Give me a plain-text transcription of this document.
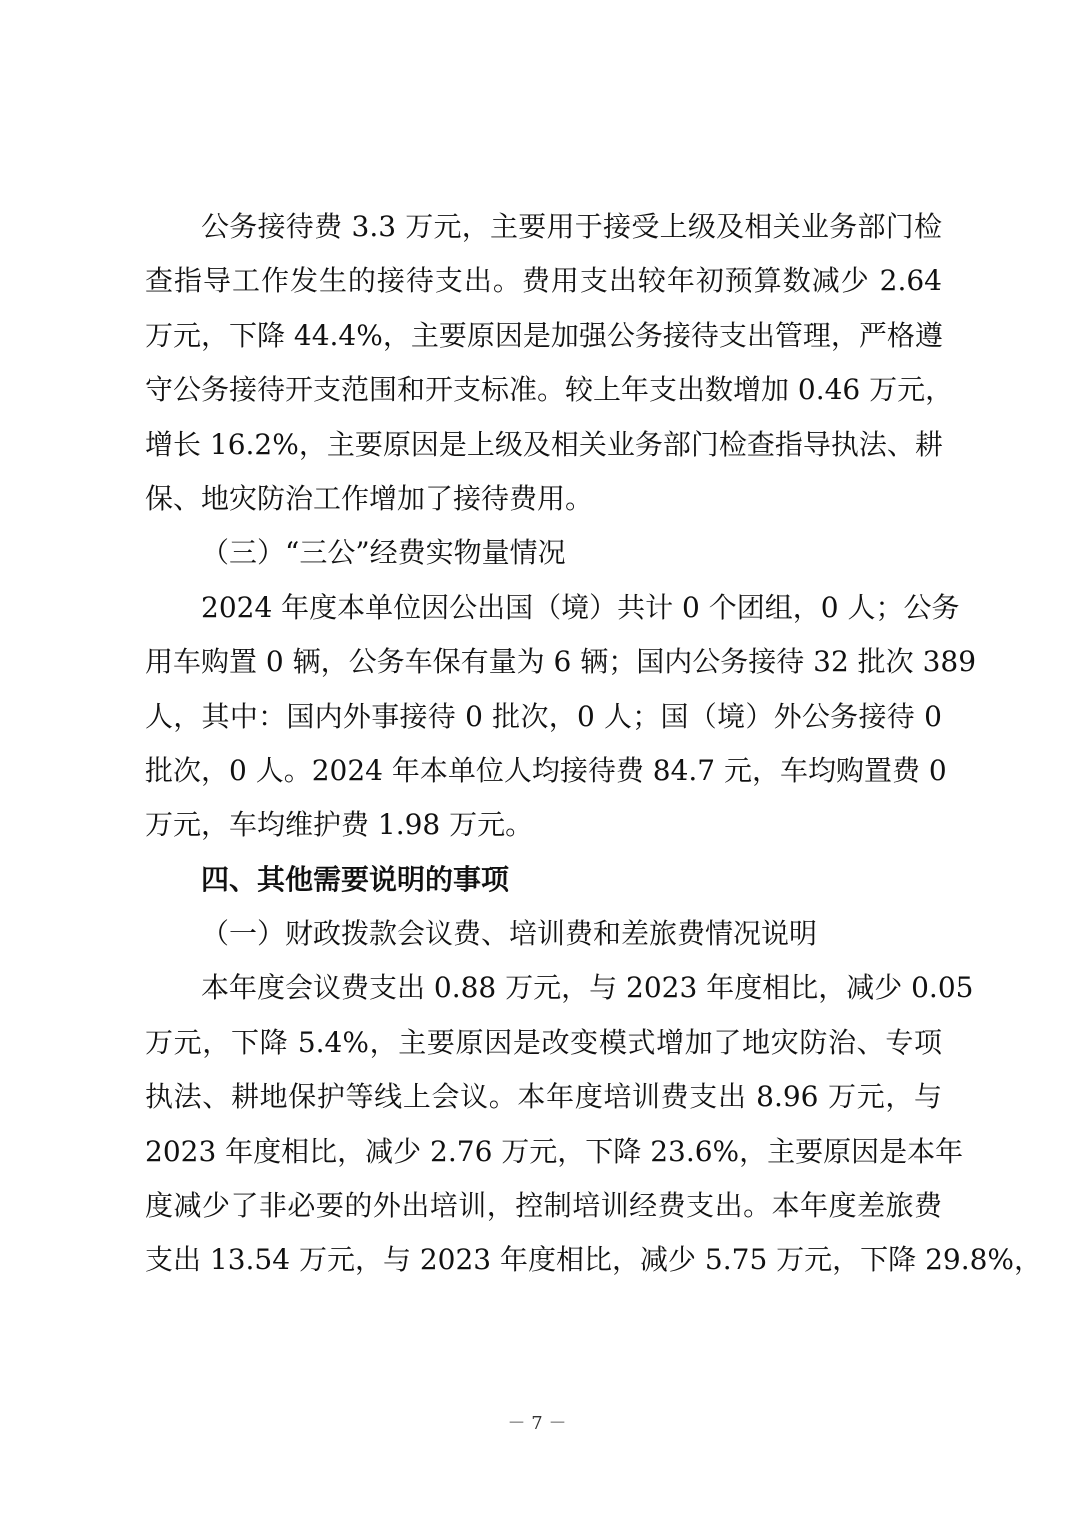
公务接待费 3.3 万元，主要用于接受上级及相关业务部门检
查指导工作发生的接待支出。费用支出较年初预算数减少 2.64
万元，下降 44.4%，主要原因是加强公务接待支出管理，严格遵
守公务接待开支范围和开支标准。较上年支出数增加 0.46 万元，
增长 16.2%，主要原因是上级及相关业务部门检查指导执法、耕
保、地灾防治工作增加了接待费用。
（三）“三公”经费实物量情况
2024 年度本单位因公出国（境）共计 0 个团组，0 人；公务
用车购置 0 辆，公务车保有量为 6 辆；国内公务接待 32 批次 389
人，其中：国内外事接待 0 批次，0 人；国（境）外公务接待 0
批次，0 人。2024 年本单位人均接待费 84.7 元，车均购置费 0
万元，车均维护费 1.98 万元。
四、其他需要说明的事项
（一）财政拨款会议费、培训费和差旅费情况说明
本年度会议费支出 0.88 万元，与 2023 年度相比，减少 0.05
万元，下降 5.4%，主要原因是改变模式增加了地灾防治、专项
执法、耕地保护等线上会议。本年度培训费支出 8.96 万元，与
2023 年度相比，减少 2.76 万元，下降 23.6%，主要原因是本年
度减少了非必要的外出培训，控制培训经费支出。本年度差旅费
支出 13.54 万元，与 2023 年度相比，减少 5.75 万元，下降 29.8%，
－ 7 －
